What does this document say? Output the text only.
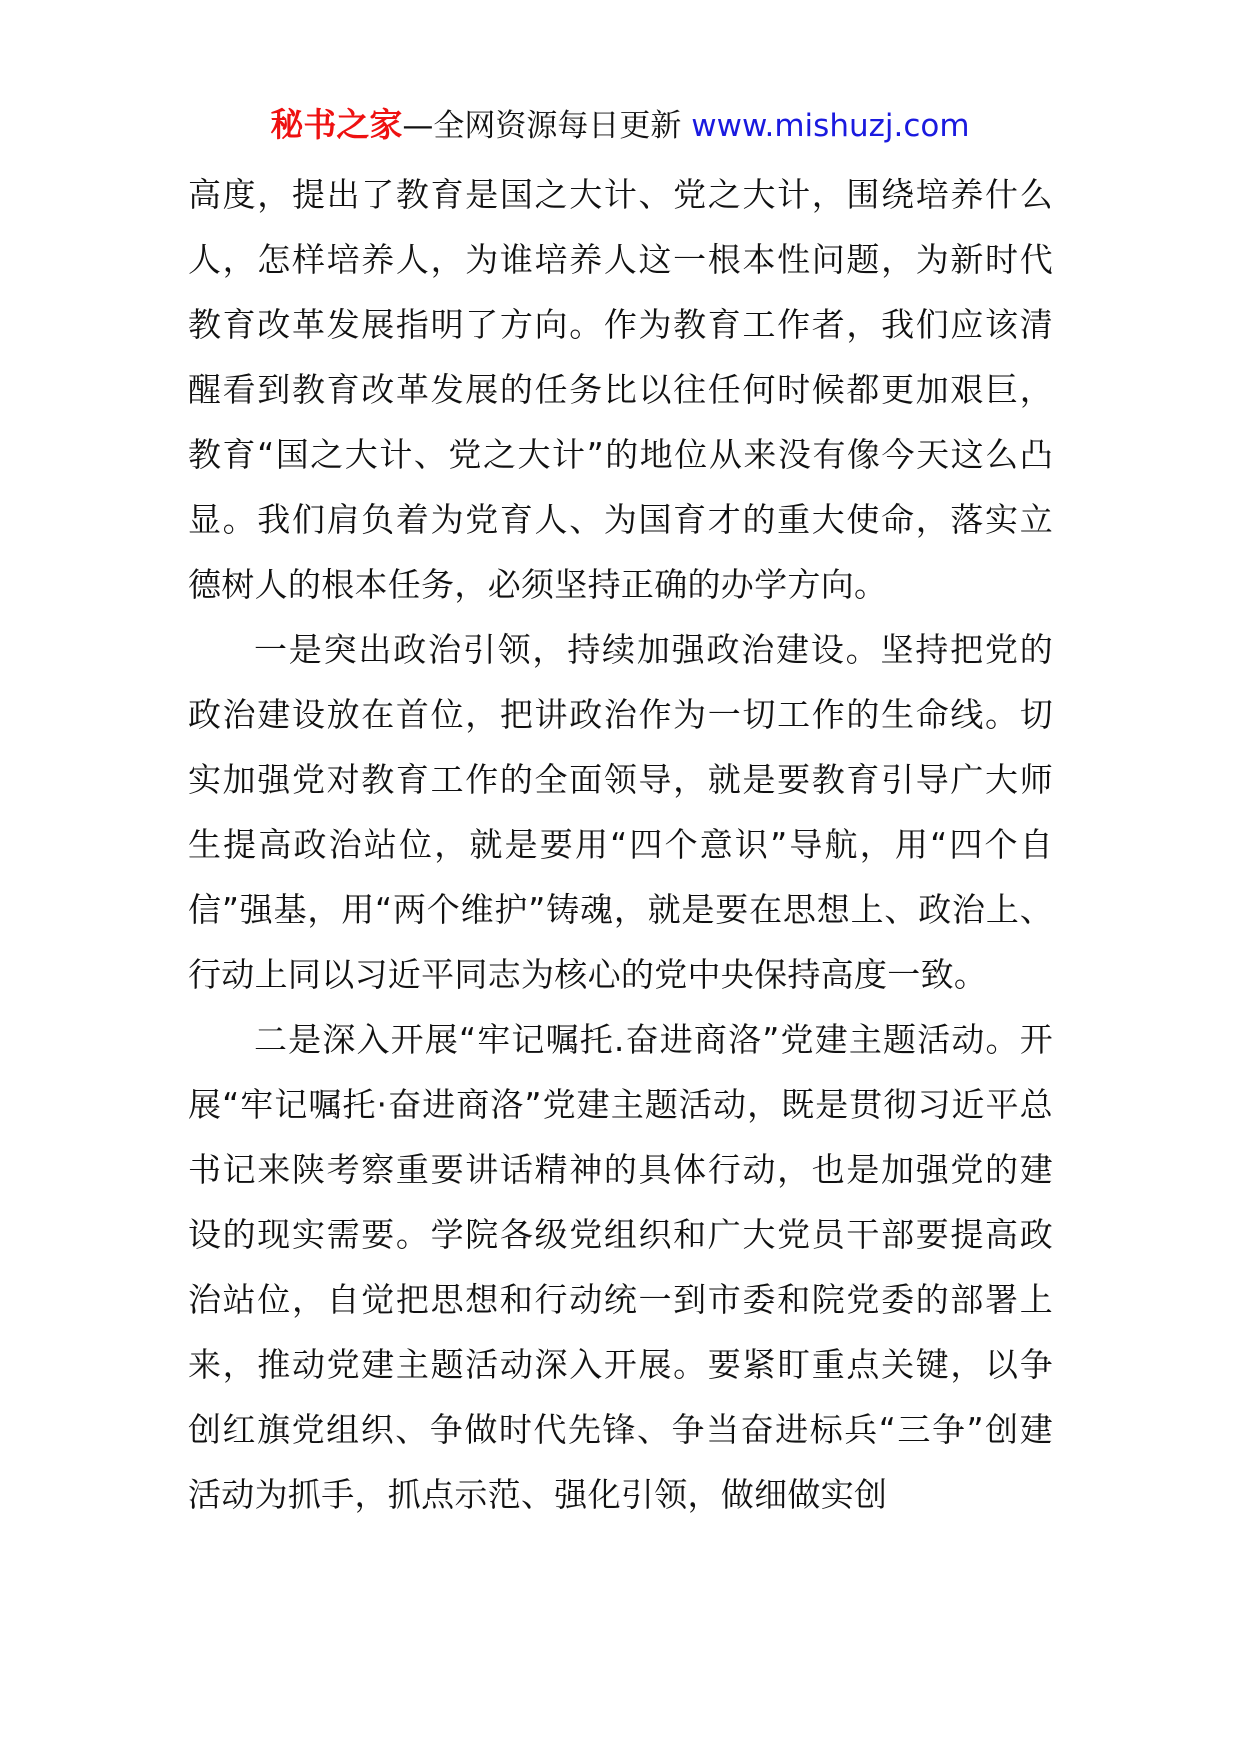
秘书之家—全网资源每日更新 www.mishuzj.com

高度，提出了教育是国之大计、党之大计，围绕培养什么人，怎样培养人，为谁培养人这一根本性问题，为新时代教育改革发展指明了方向。作为教育工作者，我们应该清醒看到教育改革发展的任务比以往任何时候都更加艰巨，教育“国之大计、党之大计”的地位从来没有像今天这么凸显。我们肩负着为党育人、为国育才的重大使命，落实立德树人的根本任务，必须坚持正确的办学方向。

一是突出政治引领，持续加强政治建设。坚持把党的政治建设放在首位，把讲政治作为一切工作的生命线。切实加强党对教育工作的全面领导，就是要教育引导广大师生提高政治站位，就是要用“四个意识”导航，用“四个自信”强基，用“两个维护”铸魂，就是要在思想上、政治上、行动上同以习近平同志为核心的党中央保持高度一致。

二是深入开展“牢记嘱托.奋进商洛”党建主题活动。开展“牢记嘱托·奋进商洛”党建主题活动，既是贯彻习近平总书记来陕考察重要讲话精神的具体行动，也是加强党的建设的现实需要。学院各级党组织和广大党员干部要提高政治站位，自觉把思想和行动统一到市委和院党委的部署上来，推动党建主题活动深入开展。要紧盯重点关键，以争创红旗党组织、争做时代先锋、争当奋进标兵“三争”创建活动为抓手，抓点示范、强化引领，做细做实创
